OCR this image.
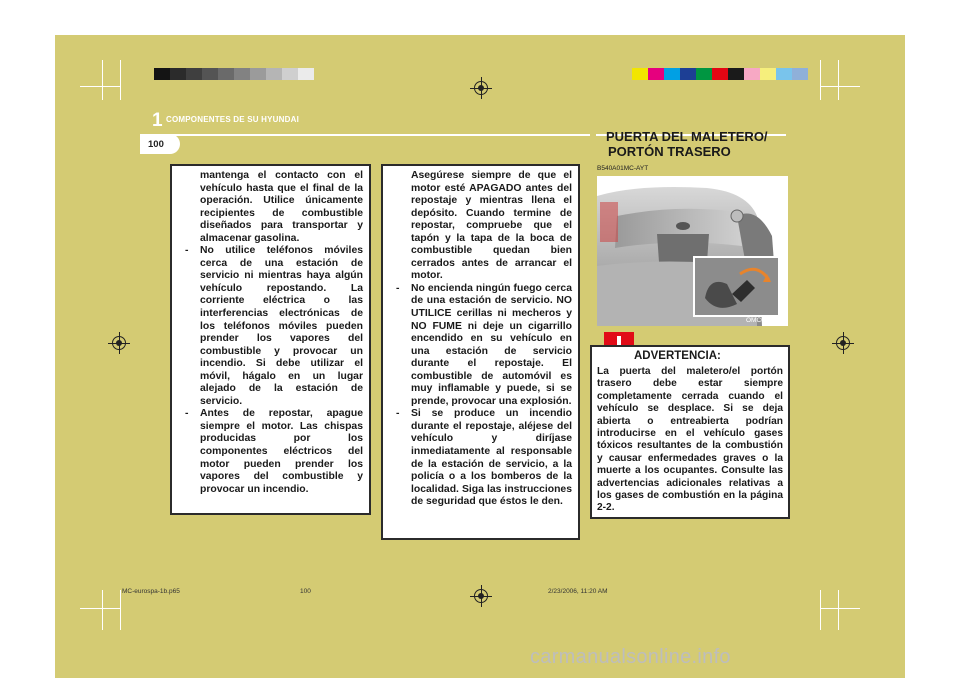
1 COMPONENTES DE SU HYUNDAI
100

mantenga el contacto con el vehículo hasta que el final de la operación. Utilice únicamente recipientes de combustible diseñados para transportar y almacenar gasolina.

- No utilice teléfonos móviles cerca de una estación de servicio ni mientras haya algún vehículo repostando. La corriente eléctrica o las interferencias electrónicas de los teléfonos móviles pueden prender los vapores del combustible y provocar un incendio. Si debe utilizar el móvil, hágalo en un lugar alejado de la estación de servicio.

- Antes de repostar, apague siempre el motor. Las chispas producidas por los componentes eléctricos del motor pueden prender los vapores del combustible y provocar un incendio.

Asegúrese siempre de que el motor esté APAGADO antes del repostaje y mientras llena el depósito. Cuando termine de repostar, compruebe que el tapón y la tapa de la boca de combustible quedan bien cerrados antes de arrancar el motor.

- No encienda ningún fuego cerca de una estación de servicio. NO UTILICE cerillas ni mecheros y NO FUME ni deje un cigarrillo encendido en su vehículo en una estación de servicio durante el repostaje. El combustible de automóvil es muy inflamable y puede, si se prende, provocar una explosión.

- Si se produce un incendio durante el repostaje, aléjese del vehículo y diríjase inmediatamente al responsable de la estación de servicio, a la policía o a los bomberos de la localidad. Siga las instrucciones de seguridad que éstos le den.

PUERTA DEL MALETERO/
PORTÓN TRASERO
B540A01MC-AYT
OMC025010

La puerta del maletero/el portón trasero debe estar siempre completamente cerrada cuando el vehículo se desplace. Si se deja abierta o entreabierta podrían introducirse en el vehículo gases tóxicos resultantes de la combustión y causar enfermedades graves o la muerte a los ocupantes. Consulte las advertencias adicionales relativas a los gases de combustión en la página 2-2.

ADVERTENCIA:
MC-eurospa-1b.p65	100	2/23/2006, 11:20 AM
carmanualsonline.info
